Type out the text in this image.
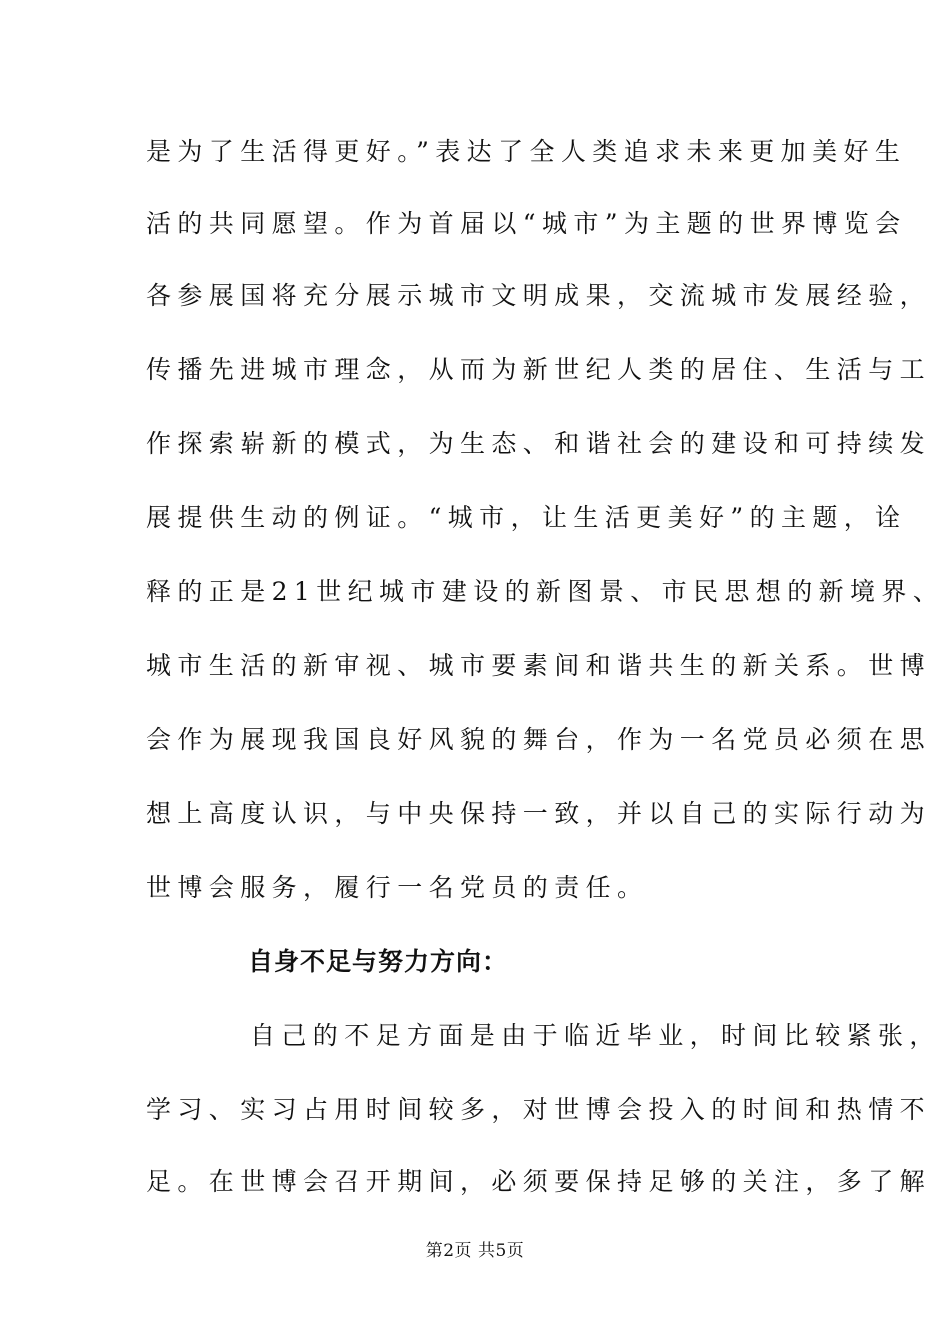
是为了生活得更好。”表达了全人类追求未来更加美好生
活的共同愿望。作为首届以“城市”为主题的世界博览会
各参展国将充分展示城市文明成果，交流城市发展经验，
传播先进城市理念，从而为新世纪人类的居住、生活与工
作探索崭新的模式，为生态、和谐社会的建设和可持续发
展提供生动的例证。“城市，让生活更美好”的主题，诠
释的正是21世纪城市建设的新图景、市民思想的新境界、
城市生活的新审视、城市要素间和谐共生的新关系。世博
会作为展现我国良好风貌的舞台，作为一名党员必须在思
想上高度认识，与中央保持一致，并以自己的实际行动为
世博会服务，履行一名党员的责任。
自身不足与努力方向：
自己的不足方面是由于临近毕业，时间比较紧张，
学习、实习占用时间较多，对世博会投入的时间和热情不
足。在世博会召开期间，必须要保持足够的关注，多了解
第2页 共5页
